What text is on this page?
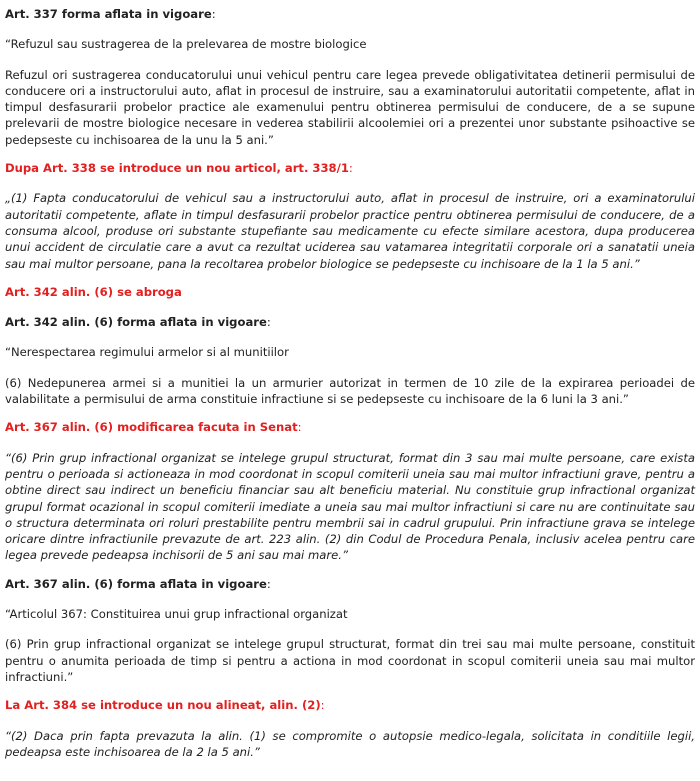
Art. 337 forma aflata in vigoare:
“Refuzul sau sustragerea de la prelevarea de mostre biologice
Refuzul ori sustragerea conducatorului unui vehicul pentru care legea prevede obligativitatea detinerii permisului de conducere ori a instructorului auto, aflat in procesul de instruire, sau a examinatorului autoritatii competente, aflat in timpul desfasurarii probelor practice ale examenului pentru obtinerea permisului de conducere, de a se supune prelevarii de mostre biologice necesare in vederea stabilirii alcoolemiei ori a prezentei unor substante psihoactive se pedepseste cu inchisoarea de la unu la 5 ani.”
Dupa Art. 338 se introduce un nou articol, art. 338/1:
„(1) Fapta conducatorului de vehicul sau a instructorului auto, aflat in procesul de instruire, ori a examinatorului autoritatii competente, aflate in timpul desfasurarii probelor practice pentru obtinerea permisului de conducere, de a consuma alcool, produse ori substante stupefiante sau medicamente cu efecte similare acestora, dupa producerea unui accident de circulatie care a avut ca rezultat uciderea sau vatamarea integritatii corporale ori a sanatatii uneia sau mai multor persoane, pana la recoltarea probelor biologice se pedepseste cu inchisoare de la 1 la 5 ani.”
Art. 342 alin. (6) se abroga
Art. 342 alin. (6) forma aflata in vigoare:
“Nerespectarea regimului armelor si al munitiilor
(6) Nedepunerea armei si a munitiei la un armurier autorizat in termen de 10 zile de la expirarea perioadei de valabilitate a permisului de arma constituie infractiune si se pedepseste cu inchisoare de la 6 luni la 3 ani.”
Art. 367 alin. (6) modificarea facuta in Senat:
“(6) Prin grup infractional organizat se intelege grupul structurat, format din 3 sau mai multe persoane, care exista pentru o perioada si actioneaza in mod coordonat in scopul comiterii uneia sau mai multor infractiuni grave, pentru a obtine direct sau indirect un beneficiu financiar sau alt beneficiu material. Nu constituie grup infractional organizat grupul format ocazional in scopul comiterii imediate a uneia sau mai multor infractiuni si care nu are continuitate sau o structura determinata ori roluri prestabilite pentru membrii sai in cadrul grupului. Prin infractiune grava se intelege oricare dintre infractiunile prevazute de art. 223 alin. (2) din Codul de Procedura Penala, inclusiv acelea pentru care legea prevede pedeapsa inchisorii de 5 ani sau mai mare.”
Art. 367 alin. (6) forma aflata in vigoare:
“Articolul 367: Constituirea unui grup infractional organizat
(6) Prin grup infractional organizat se intelege grupul structurat, format din trei sau mai multe persoane, constituit pentru o anumita perioada de timp si pentru a actiona in mod coordonat in scopul comiterii uneia sau mai multor infractiuni.”
La Art. 384 se introduce un nou alineat, alin. (2):
“(2) Daca prin fapta prevazuta la alin. (1) se compromite o autopsie medico-legala, solicitata in conditiile legii, pedeapsa este inchisoarea de la 2 la 5 ani.”
